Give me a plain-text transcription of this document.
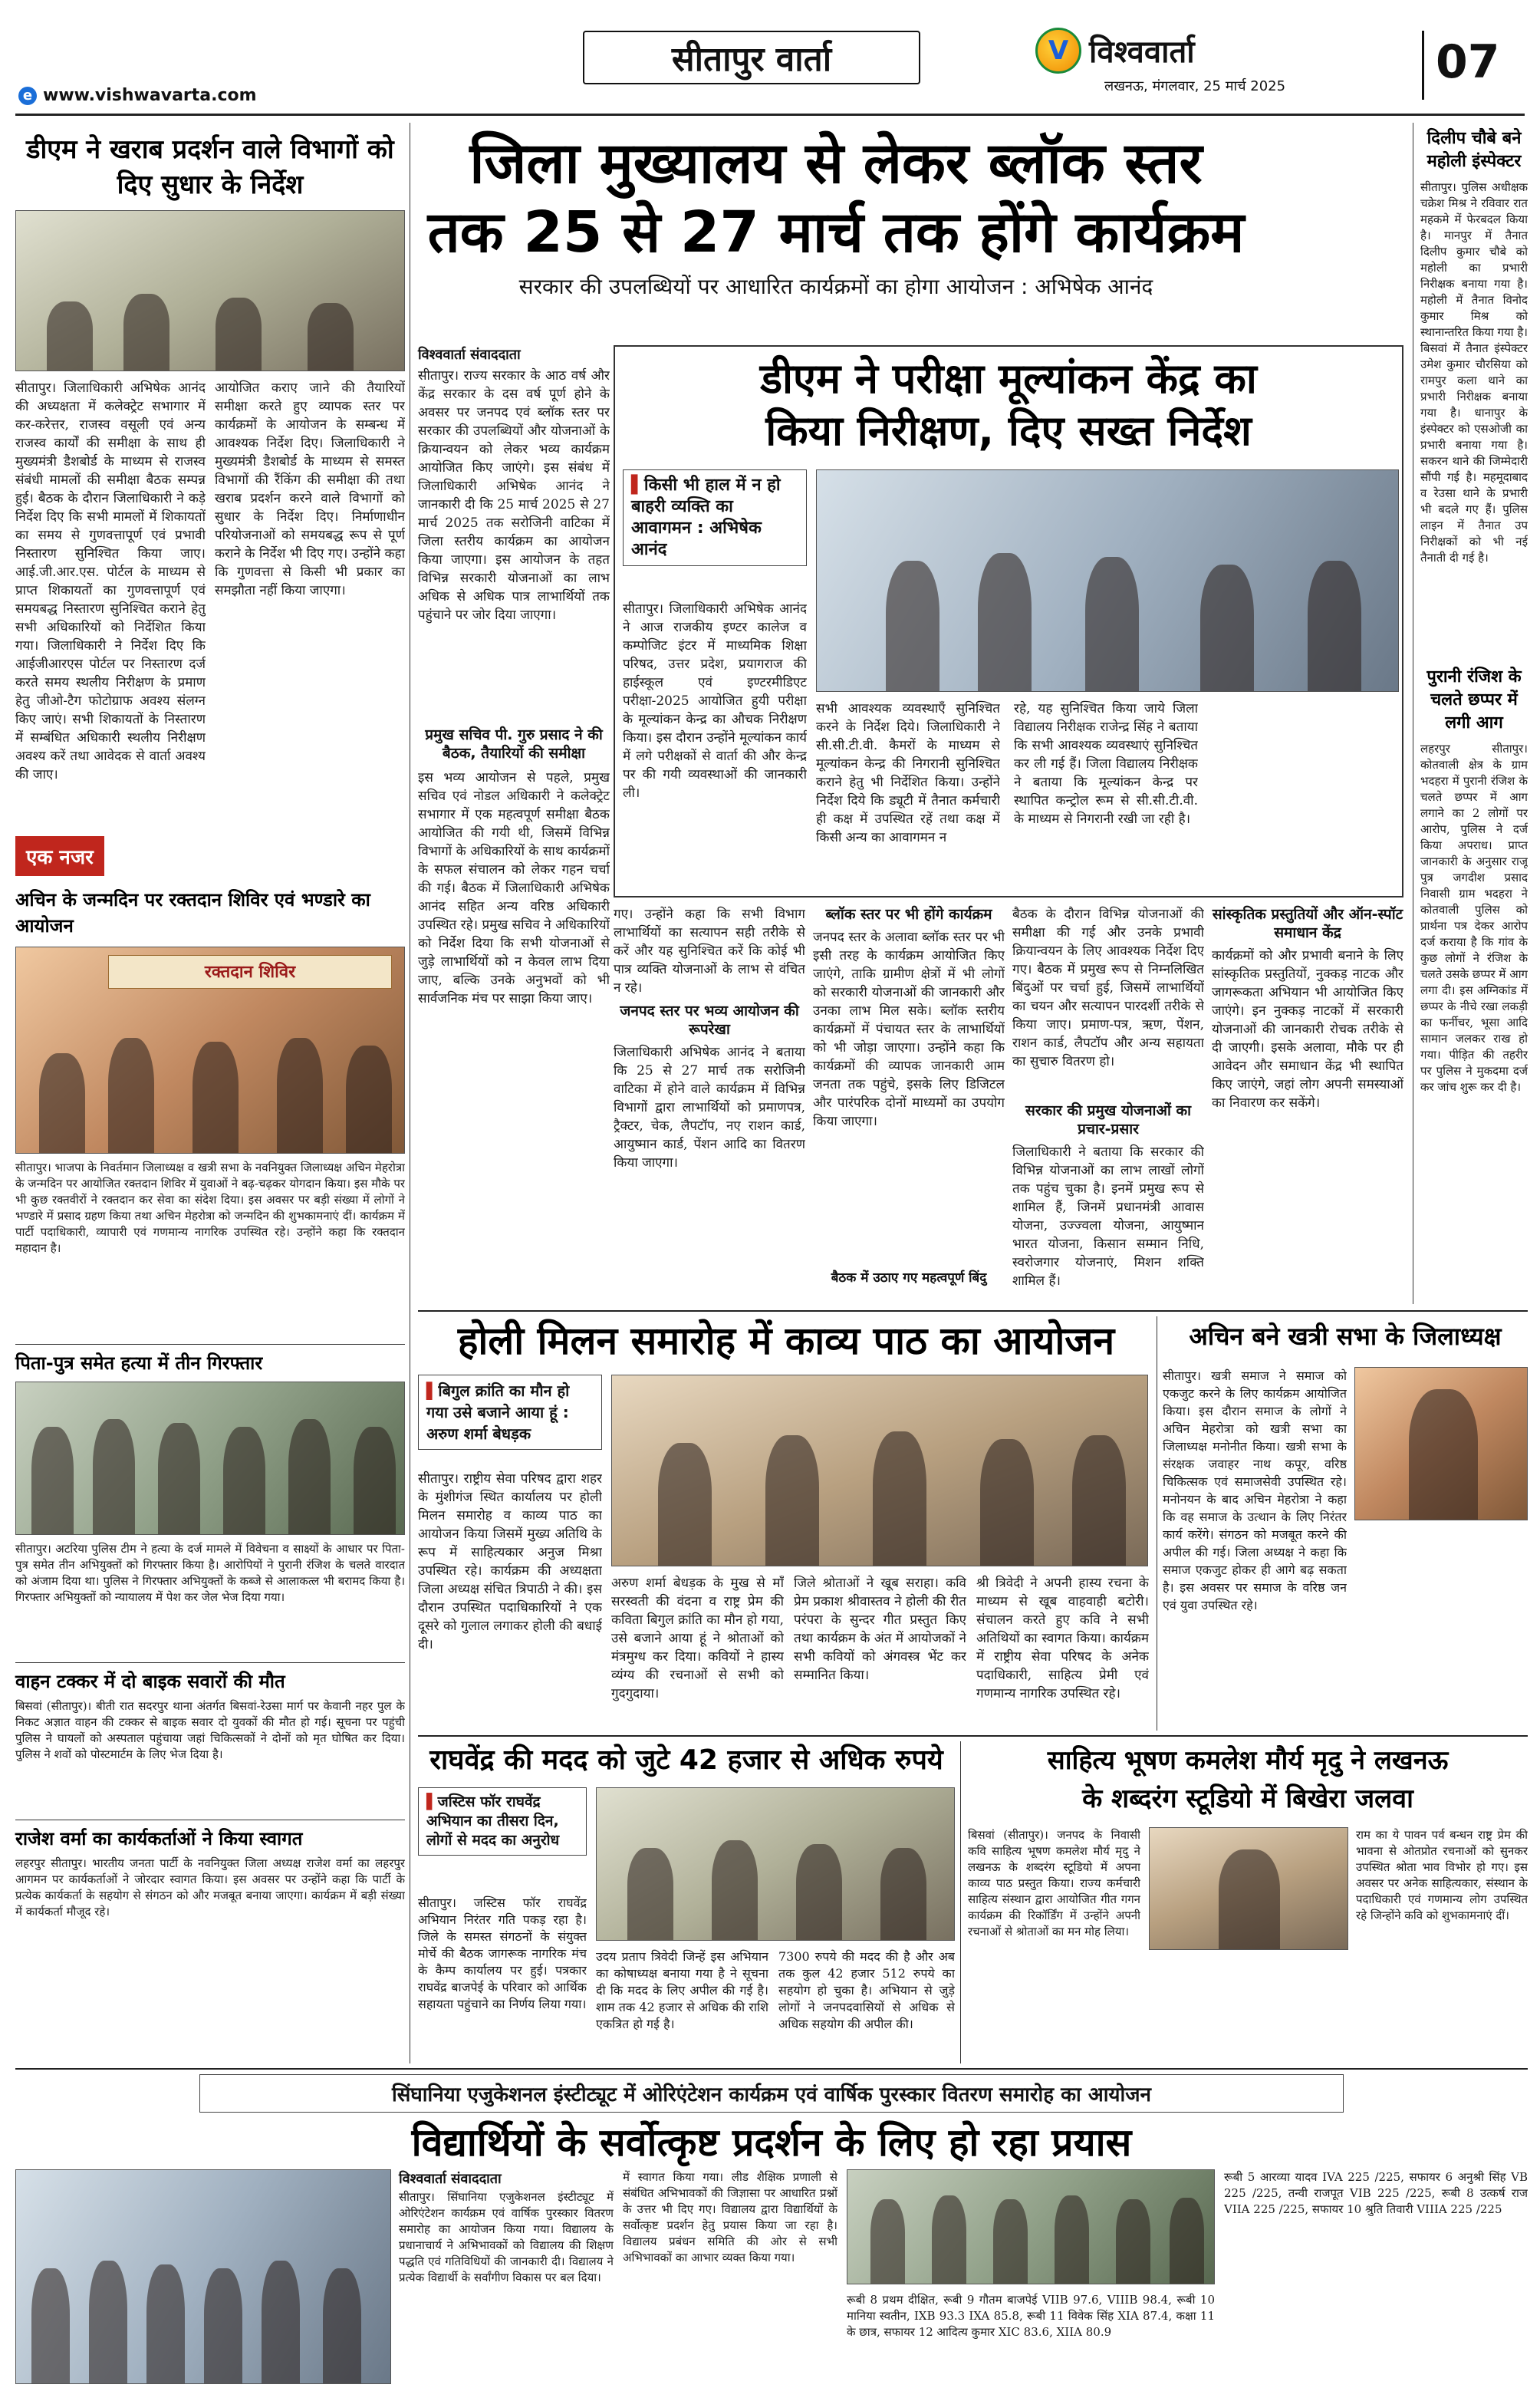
सीतापुर वार्ता
e www.vishwavarta.com
V विश्ववार्ता
लखनऊ, मंगलवार, 25 मार्च 2025	07
डीएम ने खराब प्रदर्शन वाले विभागों को दिए सुधार के निर्देश

सीतापुर। जिलाधिकारी अभिषेक आनंद की अध्यक्षता में कलेक्ट्रेट सभागार में कर-करेत्तर, राजस्व वसूली एवं अन्य राजस्व कार्यों की समीक्षा के साथ ही मुख्यमंत्री डैशबोर्ड के माध्यम से राजस्व संबंधी मामलों की समीक्षा बैठक सम्पन्न हुई। बैठक के दौरान जिलाधिकारी ने कड़े निर्देश दिए कि सभी मामलों में शिकायतों का समय से गुणवत्तापूर्ण एवं प्रभावी निस्तारण सुनिश्चित किया जाए। आई.जी.आर.एस. पोर्टल के माध्यम से प्राप्त शिकायतों का गुणवत्तापूर्ण एवं समयबद्ध निस्तारण सुनिश्चित कराने हेतु सभी अधिकारियों को निर्देशित किया गया। जिलाधिकारी ने निर्देश दिए कि आईजीआरएस पोर्टल पर निस्तारण दर्ज करते समय स्थलीय निरीक्षण के प्रमाण हेतु जीओ-टैग फोटोग्राफ अवश्य संलग्न किए जाएं। सभी शिकायतों के निस्तारण में सम्बंधित अधिकारी स्थलीय निरीक्षण अवश्य करें तथा आवेदक से वार्ता अवश्य की जाए।

आयोजित कराए जाने की तैयारियों समीक्षा करते हुए व्यापक स्तर पर कार्यक्रमों के आयोजन के सम्बन्ध में आवश्यक निर्देश दिए। जिलाधिकारी ने मुख्यमंत्री डैशबोर्ड के माध्यम से समस्त विभागों की रैंकिंग की समीक्षा की तथा खराब प्रदर्शन करने वाले विभागों को सुधार के निर्देश दिए। निर्माणाधीन परियोजनाओं को समयबद्ध रूप से पूर्ण कराने के निर्देश भी दिए गए। उन्होंने कहा कि गुणवत्ता से किसी भी प्रकार का समझौता नहीं किया जाएगा।

जिला मुख्यालय से लेकर ब्लॉक स्तर
तक 25 से 27 मार्च तक होंगे कार्यक्रम
सरकार की उपलब्धियों पर आधारित कार्यक्रमों का होगा आयोजन : अभिषेक आनंद
विश्ववार्ता संवाददाता

सीतापुर। राज्य सरकार के आठ वर्ष और केंद्र सरकार के दस वर्ष पूर्ण होने के अवसर पर जनपद एवं ब्लॉक स्तर पर सरकार की उपलब्धियों और योजनाओं के क्रियान्वयन को लेकर भव्य कार्यक्रम आयोजित किए जाएंगे। इस संबंध में जिलाधिकारी अभिषेक आनंद ने जानकारी दी कि 25 मार्च 2025 से 27 मार्च 2025 तक सरोजिनी वाटिका में जिला स्तरीय कार्यक्रम का आयोजन किया जाएगा। इस आयोजन के तहत विभिन्न सरकारी योजनाओं का लाभ अधिक से अधिक पात्र लाभार्थियों तक पहुंचाने पर जोर दिया जाएगा।

प्रमुख सचिव पी. गुरु प्रसाद ने की बैठक, तैयारियों की समीक्षा

इस भव्य आयोजन से पहले, प्रमुख सचिव एवं नोडल अधिकारी ने कलेक्ट्रेट सभागार में एक महत्वपूर्ण समीक्षा बैठक आयोजित की गयी थी, जिसमें विभिन्न विभागों के अधिकारियों के साथ कार्यक्रमों के सफल संचालन को लेकर गहन चर्चा की गई। बैठक में जिलाधिकारी अभिषेक आनंद सहित अन्य वरिष्ठ अधिकारी उपस्थित रहे। प्रमुख सचिव ने अधिकारियों को निर्देश दिया कि सभी योजनाओं से जुड़े लाभार्थियों को न केवल लाभ दिया जाए, बल्कि उनके अनुभवों को भी सार्वजनिक मंच पर साझा किया जाए।

डीएम ने परीक्षा मूल्यांकन केंद्र का
किया निरीक्षण, दिए सख्त निर्देश
▌किसी भी हाल में न हो बाहरी व्यक्ति का आवागमन : अभिषेक आनंद

सीतापुर। जिलाधिकारी अभिषेक आनंद ने आज राजकीय इण्टर कालेज व कम्पोजिट इंटर में माध्यमिक शिक्षा परिषद, उत्तर प्रदेश, प्रयागराज की हाईस्कूल एवं इण्टरमीडिएट परीक्षा-2025 आयोजित हुयी परीक्षा के मूल्यांकन केन्द्र का औचक निरीक्षण किया। इस दौरान उन्होंने मूल्यांकन कार्य में लगे परीक्षकों से वार्ता की और केन्द्र पर की गयी व्यवस्थाओं की जानकारी ली।

सभी आवश्यक व्यवस्थाएँ सुनिश्चित करने के निर्देश दिये। जिलाधिकारी ने सी.सी.टी.वी. कैमरों के माध्यम से मूल्यांकन केन्द्र की निगरानी सुनिश्चित कराने हेतु भी निर्देशित किया। उन्होंने निर्देश दिये कि ड्यूटी में तैनात कर्मचारी ही कक्ष में उपस्थित रहें तथा कक्ष में किसी अन्य का आवागमन न

रहे, यह सुनिश्चित किया जाये जिला विद्यालय निरीक्षक राजेन्द्र सिंह ने बताया कि सभी आवश्यक व्यवस्थाएं सुनिश्चित कर ली गई हैं। जिला विद्यालय निरीक्षक ने बताया कि मूल्यांकन केन्द्र पर स्थापित कन्ट्रोल रूम से सी.सी.टी.वी. के माध्यम से निगरानी रखी जा रही है।

गए। उन्होंने कहा कि सभी विभाग लाभार्थियों का सत्यापन सही तरीके से करें और यह सुनिश्चित करें कि कोई भी पात्र व्यक्ति योजनाओं के लाभ से वंचित न रहे।

जनपद स्तर पर भव्य आयोजन की रूपरेखा

जिलाधिकारी अभिषेक आनंद ने बताया कि 25 से 27 मार्च तक सरोजिनी वाटिका में होने वाले कार्यक्रम में विभिन्न विभागों द्वारा लाभार्थियों को प्रमाणपत्र, ट्रैक्टर, चेक, लैपटॉप, नए राशन कार्ड, आयुष्मान कार्ड, पेंशन आदि का वितरण किया जाएगा।

ब्लॉक स्तर पर भी होंगे कार्यक्रम

जनपद स्तर के अलावा ब्लॉक स्तर पर भी इसी तरह के कार्यक्रम आयोजित किए जाएंगे, ताकि ग्रामीण क्षेत्रों में भी लोगों को सरकारी योजनाओं की जानकारी और उनका लाभ मिल सके। ब्लॉक स्तरीय कार्यक्रमों में पंचायत स्तर के लाभार्थियों को भी जोड़ा जाएगा। उन्होंने कहा कि कार्यक्रमों की व्यापक जानकारी आम जनता तक पहुंचे, इसके लिए डिजिटल और पारंपरिक दोनों माध्यमों का उपयोग किया जाएगा।

बैठक में उठाए गए महत्वपूर्ण बिंदु

बैठक के दौरान विभिन्न योजनाओं की समीक्षा की गई और उनके प्रभावी क्रियान्वयन के लिए आवश्यक निर्देश दिए गए। बैठक में प्रमुख रूप से निम्नलिखित बिंदुओं पर चर्चा हुई, जिसमें लाभार्थियों का चयन और सत्यापन पारदर्शी तरीके से किया जाए। प्रमाण-पत्र, ऋण, पेंशन, राशन कार्ड, लैपटॉप और अन्य सहायता का सुचारु वितरण हो।

सरकार की प्रमुख योजनाओं का प्रचार-प्रसार

जिलाधिकारी ने बताया कि सरकार की विभिन्न योजनाओं का लाभ लाखों लोगों तक पहुंच चुका है। इनमें प्रमुख रूप से शामिल हैं, जिनमें प्रधानमंत्री आवास योजना, उज्ज्वला योजना, आयुष्मान भारत योजना, किसान सम्मान निधि, स्वरोजगार योजनाएं, मिशन शक्ति शामिल हैं।

सांस्कृतिक प्रस्तुतियों और ऑन-स्पॉट समाधान केंद्र

कार्यक्रमों को और प्रभावी बनाने के लिए सांस्कृतिक प्रस्तुतियों, नुक्कड़ नाटक और जागरूकता अभियान भी आयोजित किए जाएंगे। इन नुक्कड़ नाटकों में सरकारी योजनाओं की जानकारी रोचक तरीके से दी जाएगी। इसके अलावा, मौके पर ही आवेदन और समाधान केंद्र भी स्थापित किए जाएंगे, जहां लोग अपनी समस्याओं का निवारण कर सकेंगे।

दिलीप चौबे बने महोली इंस्पेक्टर

सीतापुर। पुलिस अधीक्षक चक्रेश मिश्र ने रविवार रात महकमे में फेरबदल किया है। मानपुर में तैनात दिलीप कुमार चौबे को महोली का प्रभारी निरीक्षक बनाया गया है। महोली में तैनात विनोद कुमार मिश्र को स्थानान्तरित किया गया है। बिसवां में तैनात इंस्पेक्टर उमेश कुमार चौरसिया को रामपुर कला थाने का प्रभारी निरीक्षक बनाया गया है। धानापुर के इंस्पेक्टर को एसओजी का प्रभारी बनाया गया है। सकरन थाने की जिम्मेदारी सौंपी गई है। महमूदाबाद व रेउसा थाने के प्रभारी भी बदले गए हैं। पुलिस लाइन में तैनात उप निरीक्षकों को भी नई तैनाती दी गई है।

पुरानी रंजिश के चलते छप्पर में लगी आग

लहरपुर सीतापुर। कोतवाली क्षेत्र के ग्राम भदहरा में पुरानी रंजिश के चलते छप्पर में आग लगाने का 2 लोगों पर आरोप, पुलिस ने दर्ज किया अपराध। प्राप्त जानकारी के अनुसार राजू पुत्र जगदीश प्रसाद निवासी ग्राम भदहरा ने कोतवाली पुलिस को प्रार्थना पत्र देकर आरोप दर्ज कराया है कि गांव के कुछ लोगों ने रंजिश के चलते उसके छप्पर में आग लगा दी। इस अग्निकांड में छप्पर के नीचे रखा लकड़ी का फर्नीचर, भूसा आदि सामान जलकर राख हो गया। पीड़ित की तहरीर पर पुलिस ने मुकदमा दर्ज कर जांच शुरू कर दी है।

एक नजर
अचिन के जन्मदिन पर रक्तदान शिविर एवं भण्डारे का आयोजन
रक्तदान शिविर

सीतापुर। भाजपा के निवर्तमान जिलाध्यक्ष व खत्री सभा के नवनियुक्त जिलाध्यक्ष अचिन मेहरोत्रा के जन्मदिन पर आयोजित रक्तदान शिविर में युवाओं ने बढ़-चढ़कर योगदान किया। इस मौके पर भी कुछ रक्तवीरों ने रक्तदान कर सेवा का संदेश दिया। इस अवसर पर बड़ी संख्या में लोगों ने भण्डारे में प्रसाद ग्रहण किया तथा अचिन मेहरोत्रा को जन्मदिन की शुभकामनाएं दीं। कार्यक्रम में पार्टी पदाधिकारी, व्यापारी एवं गणमान्य नागरिक उपस्थित रहे। उन्होंने कहा कि रक्तदान महादान है।

पिता-पुत्र समेत हत्या में तीन गिरफ्तार

सीतापुर। अटरिया पुलिस टीम ने हत्या के दर्ज मामले में विवेचना व साक्ष्यों के आधार पर पिता-पुत्र समेत तीन अभियुक्तों को गिरफ्तार किया है। आरोपियों ने पुरानी रंजिश के चलते वारदात को अंजाम दिया था। पुलिस ने गिरफ्तार अभियुक्तों के कब्जे से आलाकत्ल भी बरामद किया है। गिरफ्तार अभियुक्तों को न्यायालय में पेश कर जेल भेज दिया गया।

वाहन टक्कर में दो बाइक सवारों की मौत

बिसवां (सीतापुर)। बीती रात सदरपुर थाना अंतर्गत बिसवां-रेउसा मार्ग पर केवानी नहर पुल के निकट अज्ञात वाहन की टक्कर से बाइक सवार दो युवकों की मौत हो गई। सूचना पर पहुंची पुलिस ने घायलों को अस्पताल पहुंचाया जहां चिकित्सकों ने दोनों को मृत घोषित कर दिया। पुलिस ने शवों को पोस्टमार्टम के लिए भेज दिया है।

राजेश वर्मा का कार्यकर्ताओं ने किया स्वागत

लहरपुर सीतापुर। भारतीय जनता पार्टी के नवनियुक्त जिला अध्यक्ष राजेश वर्मा का लहरपुर आगमन पर कार्यकर्ताओं ने जोरदार स्वागत किया। इस अवसर पर उन्होंने कहा कि पार्टी के प्रत्येक कार्यकर्ता के सहयोग से संगठन को और मजबूत बनाया जाएगा। कार्यक्रम में बड़ी संख्या में कार्यकर्ता मौजूद रहे।

होली मिलन समारोह में काव्य पाठ का आयोजन
▌बिगुल क्रांति का मौन हो गया उसे बजाने आया हूं : अरुण शर्मा बेधड़क

सीतापुर। राष्ट्रीय सेवा परिषद द्वारा शहर के मुंशीगंज स्थित कार्यालय पर होली मिलन समारोह व काव्य पाठ का आयोजन किया जिसमें मुख्य अतिथि के रूप में साहित्यकार अनुज मिश्रा उपस्थित रहे। कार्यक्रम की अध्यक्षता जिला अध्यक्ष संचित त्रिपाठी ने की। इस दौरान उपस्थित पदाधिकारियों ने एक दूसरे को गुलाल लगाकर होली की बधाई दी।

अरुण शर्मा बेधड़क के मुख से माँ सरस्वती की वंदना व राष्ट्र प्रेम की कविता बिगुल क्रांति का मौन हो गया, उसे बजाने आया हूं ने श्रोताओं को मंत्रमुग्ध कर दिया। कवियों ने हास्य व्यंग्य की रचनाओं से सभी को गुदगुदाया।

जिले श्रोताओं ने खूब सराहा। कवि प्रेम प्रकाश श्रीवास्तव ने होली की रीत परंपरा के सुन्दर गीत प्रस्तुत किए तथा कार्यक्रम के अंत में आयोजकों ने सभी कवियों को अंगवस्त्र भेंट कर सम्मानित किया।

श्री त्रिवेदी ने अपनी हास्य रचना के माध्यम से खूब वाहवाही बटोरी। संचालन करते हुए कवि ने सभी अतिथियों का स्वागत किया। कार्यक्रम में राष्ट्रीय सेवा परिषद के अनेक पदाधिकारी, साहित्य प्रेमी एवं गणमान्य नागरिक उपस्थित रहे।

अचिन बने खत्री सभा के जिलाध्यक्ष

सीतापुर। खत्री समाज ने समाज को एकजुट करने के लिए कार्यक्रम आयोजित किया। इस दौरान समाज के लोगों ने अचिन मेहरोत्रा को खत्री सभा का जिलाध्यक्ष मनोनीत किया। खत्री सभा के संरक्षक जवाहर नाथ कपूर, वरिष्ठ चिकित्सक एवं समाजसेवी उपस्थित रहे। मनोनयन के बाद अचिन मेहरोत्रा ने कहा कि वह समाज के उत्थान के लिए निरंतर कार्य करेंगे। संगठन को मजबूत करने की अपील की गई। जिला अध्यक्ष ने कहा कि समाज एकजुट होकर ही आगे बढ़ सकता है। इस अवसर पर समाज के वरिष्ठ जन एवं युवा उपस्थित रहे।

राघवेंद्र की मदद को जुटे 42 हजार से अधिक रुपये
▌जस्टिस फॉर राघवेंद्र अभियान का तीसरा दिन, लोगों से मदद का अनुरोध

सीतापुर। जस्टिस फॉर राघवेंद्र अभियान निरंतर गति पकड़ रहा है। जिले के समस्त संगठनों के संयुक्त मोर्चे की बैठक जागरूक नागरिक मंच के कैम्प कार्यालय पर हुई। पत्रकार राघवेंद्र बाजपेई के परिवार को आर्थिक सहायता पहुंचाने का निर्णय लिया गया।

उदय प्रताप त्रिवेदी जिन्हें इस अभियान का कोषाध्यक्ष बनाया गया है ने सूचना दी कि मदद के लिए अपील की गई है। शाम तक 42 हजार से अधिक की राशि एकत्रित हो गई है।

7300 रुपये की मदद की है और अब तक कुल 42 हजार 512 रुपये का सहयोग हो चुका है। अभियान से जुड़े लोगों ने जनपदवासियों से अधिक से अधिक सहयोग की अपील की।

साहित्य भूषण कमलेश मौर्य मृदु ने लखनऊ
के शब्दरंग स्टूडियो में बिखेरा जलवा

बिसवां (सीतापुर)। जनपद के निवासी कवि साहित्य भूषण कमलेश मौर्य मृदु ने लखनऊ के शब्दरंग स्टूडियो में अपना काव्य पाठ प्रस्तुत किया। राज्य कर्मचारी साहित्य संस्थान द्वारा आयोजित गीत गगन कार्यक्रम की रिकॉर्डिंग में उन्होंने अपनी रचनाओं से श्रोताओं का मन मोह लिया।

राम का ये पावन पर्व बन्धन राष्ट्र प्रेम की भावना से ओतप्रोत रचनाओं को सुनकर उपस्थित श्रोता भाव विभोर हो गए। इस अवसर पर अनेक साहित्यकार, संस्थान के पदाधिकारी एवं गणमान्य लोग उपस्थित रहे जिन्होंने कवि को शुभकामनाएं दीं।

सिंघानिया एजुकेशनल इंस्टीट्यूट में ओरिएंटेशन कार्यक्रम एवं वार्षिक पुरस्कार वितरण समारोह का आयोजन
विद्यार्थियों के सर्वोत्कृष्ट प्रदर्शन के लिए हो रहा प्रयास
विश्ववार्ता संवाददाता

सीतापुर। सिंघानिया एजुकेशनल इंस्टीट्यूट में ओरिएंटेशन कार्यक्रम एवं वार्षिक पुरस्कार वितरण समारोह का आयोजन किया गया। विद्यालय के प्रधानाचार्य ने अभिभावकों को विद्यालय की शिक्षण पद्धति एवं गतिविधियों की जानकारी दी। विद्यालय ने प्रत्येक विद्यार्थी के सर्वांगीण विकास पर बल दिया।

में स्वागत किया गया। लीड शैक्षिक प्रणाली से संबंधित अभिभावकों की जिज्ञासा पर आधारित प्रश्नों के उत्तर भी दिए गए। विद्यालय द्वारा विद्यार्थियों के सर्वोत्कृष्ट प्रदर्शन हेतु प्रयास किया जा रहा है। विद्यालय प्रबंधन समिति की ओर से सभी अभिभावकों का आभार व्यक्त किया गया।

रूबी 8 प्रथम दीक्षित, रूबी 9 गौतम बाजपेई VIIB 97.6, VIIIB 98.4, रूबी 10 मानिया स्वतीन, IXB 93.3 IXA 85.8, रूबी 11 विवेक सिंह XIA 87.4, कक्षा 11 के छात्र, सफायर 12 आदित्य कुमार XIC 83.6, XIIA 80.9

रूबी 5 आरव्या यादव IVA 225 /225, सफायर 6 अनुश्री सिंह VB 225 /225, तन्वी राजपूत VIB 225 /225, रूबी 8 उत्कर्ष राज VIIA 225 /225, सफायर 10 श्रुति तिवारी VIIIA 225 /225
